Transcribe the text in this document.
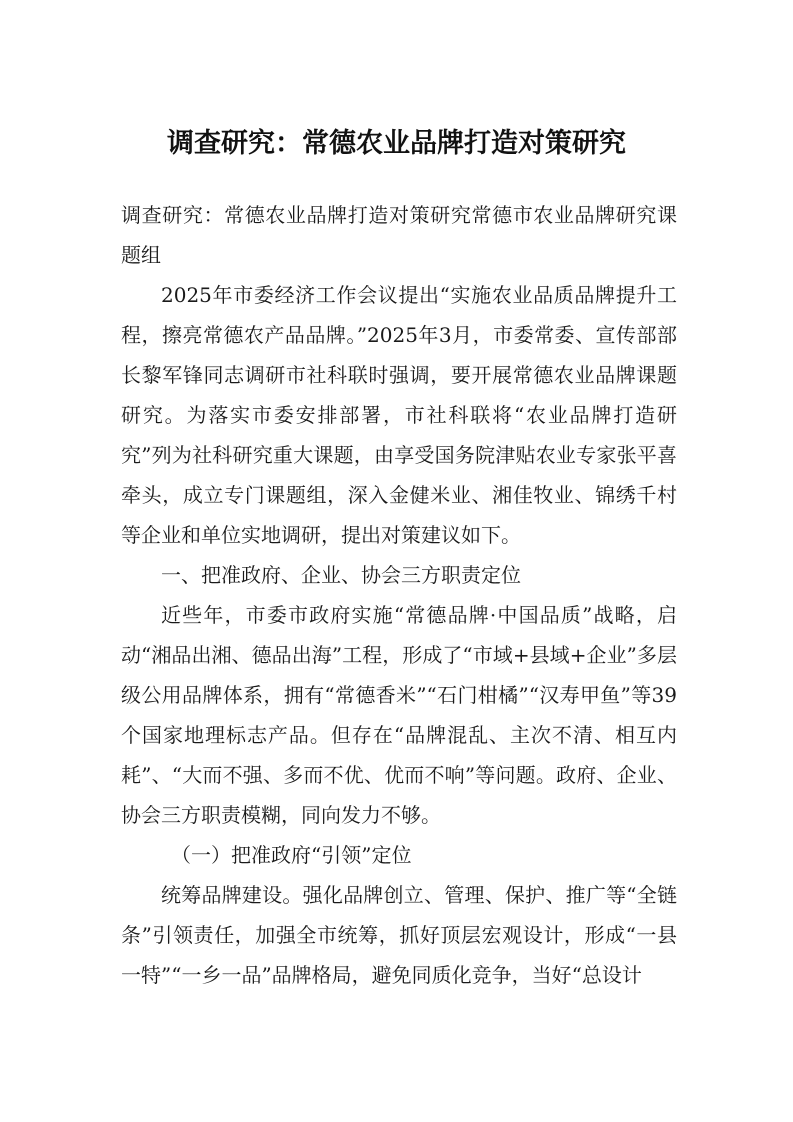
调查研究：常德农业品牌打造对策研究

调查研究：常德农业品牌打造对策研究常德市农业品牌研究课题组

2025年市委经济工作会议提出“实施农业品质品牌提升工程，擦亮常德农产品品牌。”2025年3月，市委常委、宣传部部长黎军锋同志调研市社科联时强调，要开展常德农业品牌课题研究。为落实市委安排部署，市社科联将“农业品牌打造研究”列为社科研究重大课题，由享受国务院津贴农业专家张平喜牵头，成立专门课题组，深入金健米业、湘佳牧业、锦绣千村等企业和单位实地调研，提出对策建议如下。

一、把准政府、企业、协会三方职责定位

近些年，市委市政府实施“常德品牌·中国品质”战略，启动“湘品出湘、德品出海”工程，形成了“市域+县域+企业”多层级公用品牌体系，拥有“常德香米”“石门柑橘”“汉寿甲鱼”等39个国家地理标志产品。但存在“品牌混乱、主次不清、相互内耗”、“大而不强、多而不优、优而不响”等问题。政府、企业、协会三方职责模糊，同向发力不够。

（一）把准政府“引领”定位

统筹品牌建设。强化品牌创立、管理、保护、推广等“全链条”引领责任，加强全市统筹，抓好顶层宏观设计，形成“一县一特”“一乡一品”品牌格局，避免同质化竞争，当好“总设计
